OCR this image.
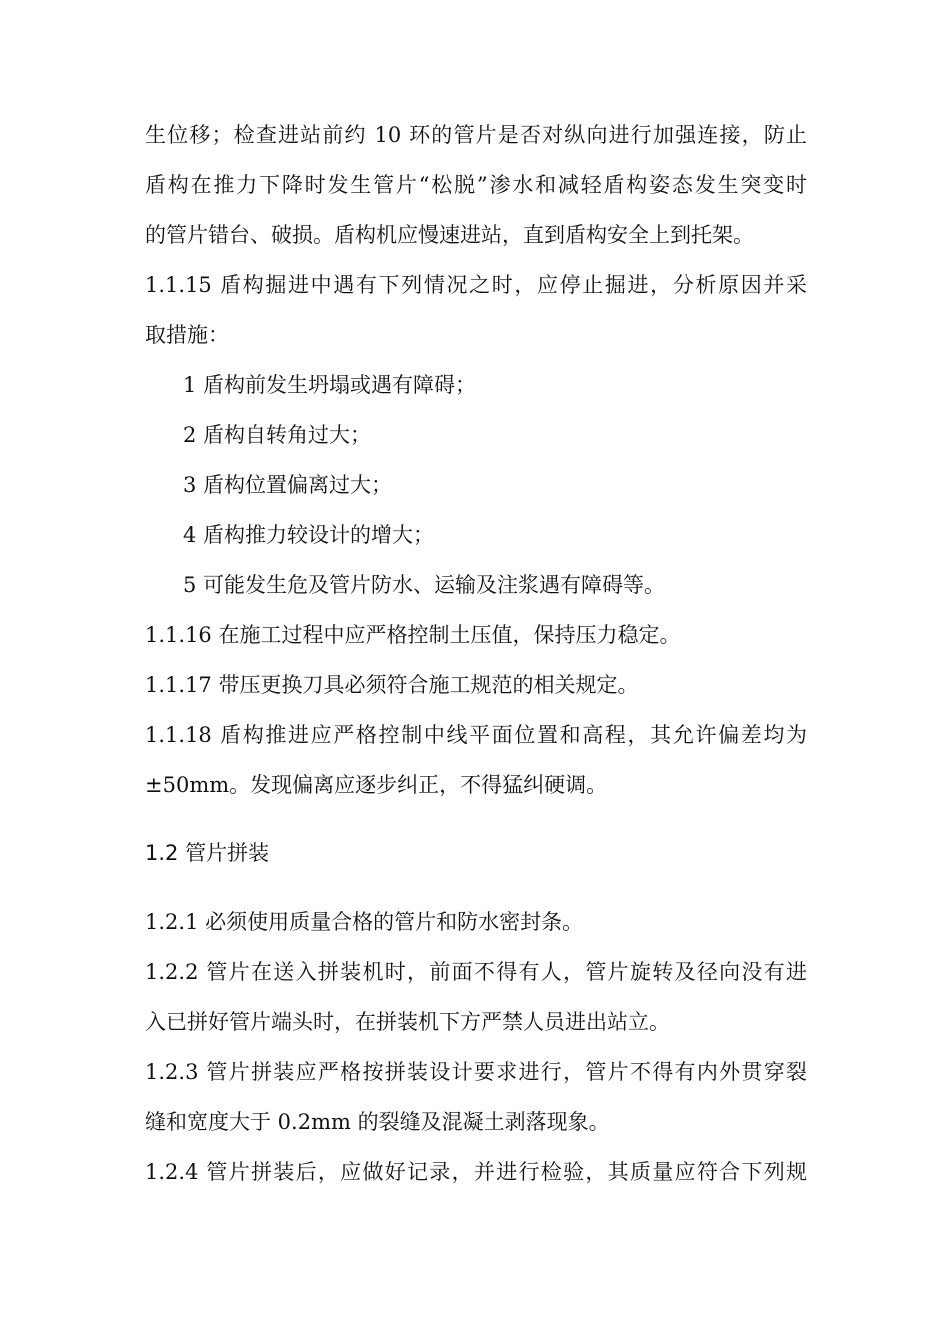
生位移；检查进站前约 10 环的管片是否对纵向进行加强连接，防止
盾构在推力下降时发生管片“松脱”渗水和减轻盾构姿态发生突变时
的管片错台、破损。盾构机应慢速进站，直到盾构安全上到托架。
1.1.15 盾构掘进中遇有下列情况之时，应停止掘进，分析原因并采
取措施：
1 盾构前发生坍塌或遇有障碍；
2 盾构自转角过大；
3 盾构位置偏离过大；
4 盾构推力较设计的增大；
5 可能发生危及管片防水、运输及注浆遇有障碍等。
1.1.16 在施工过程中应严格控制土压值，保持压力稳定。
1.1.17 带压更换刀具必须符合施工规范的相关规定。
1.1.18 盾构推进应严格控制中线平面位置和高程，其允许偏差均为
±50mm。发现偏离应逐步纠正，不得猛纠硬调。
1.2 管片拼装
1.2.1 必须使用质量合格的管片和防水密封条。
1.2.2 管片在送入拼装机时，前面不得有人，管片旋转及径向没有进
入已拼好管片端头时，在拼装机下方严禁人员进出站立。
1.2.3 管片拼装应严格按拼装设计要求进行，管片不得有内外贯穿裂
缝和宽度大于 0.2mm 的裂缝及混凝土剥落现象。
1.2.4 管片拼装后，应做好记录，并进行检验，其质量应符合下列规
